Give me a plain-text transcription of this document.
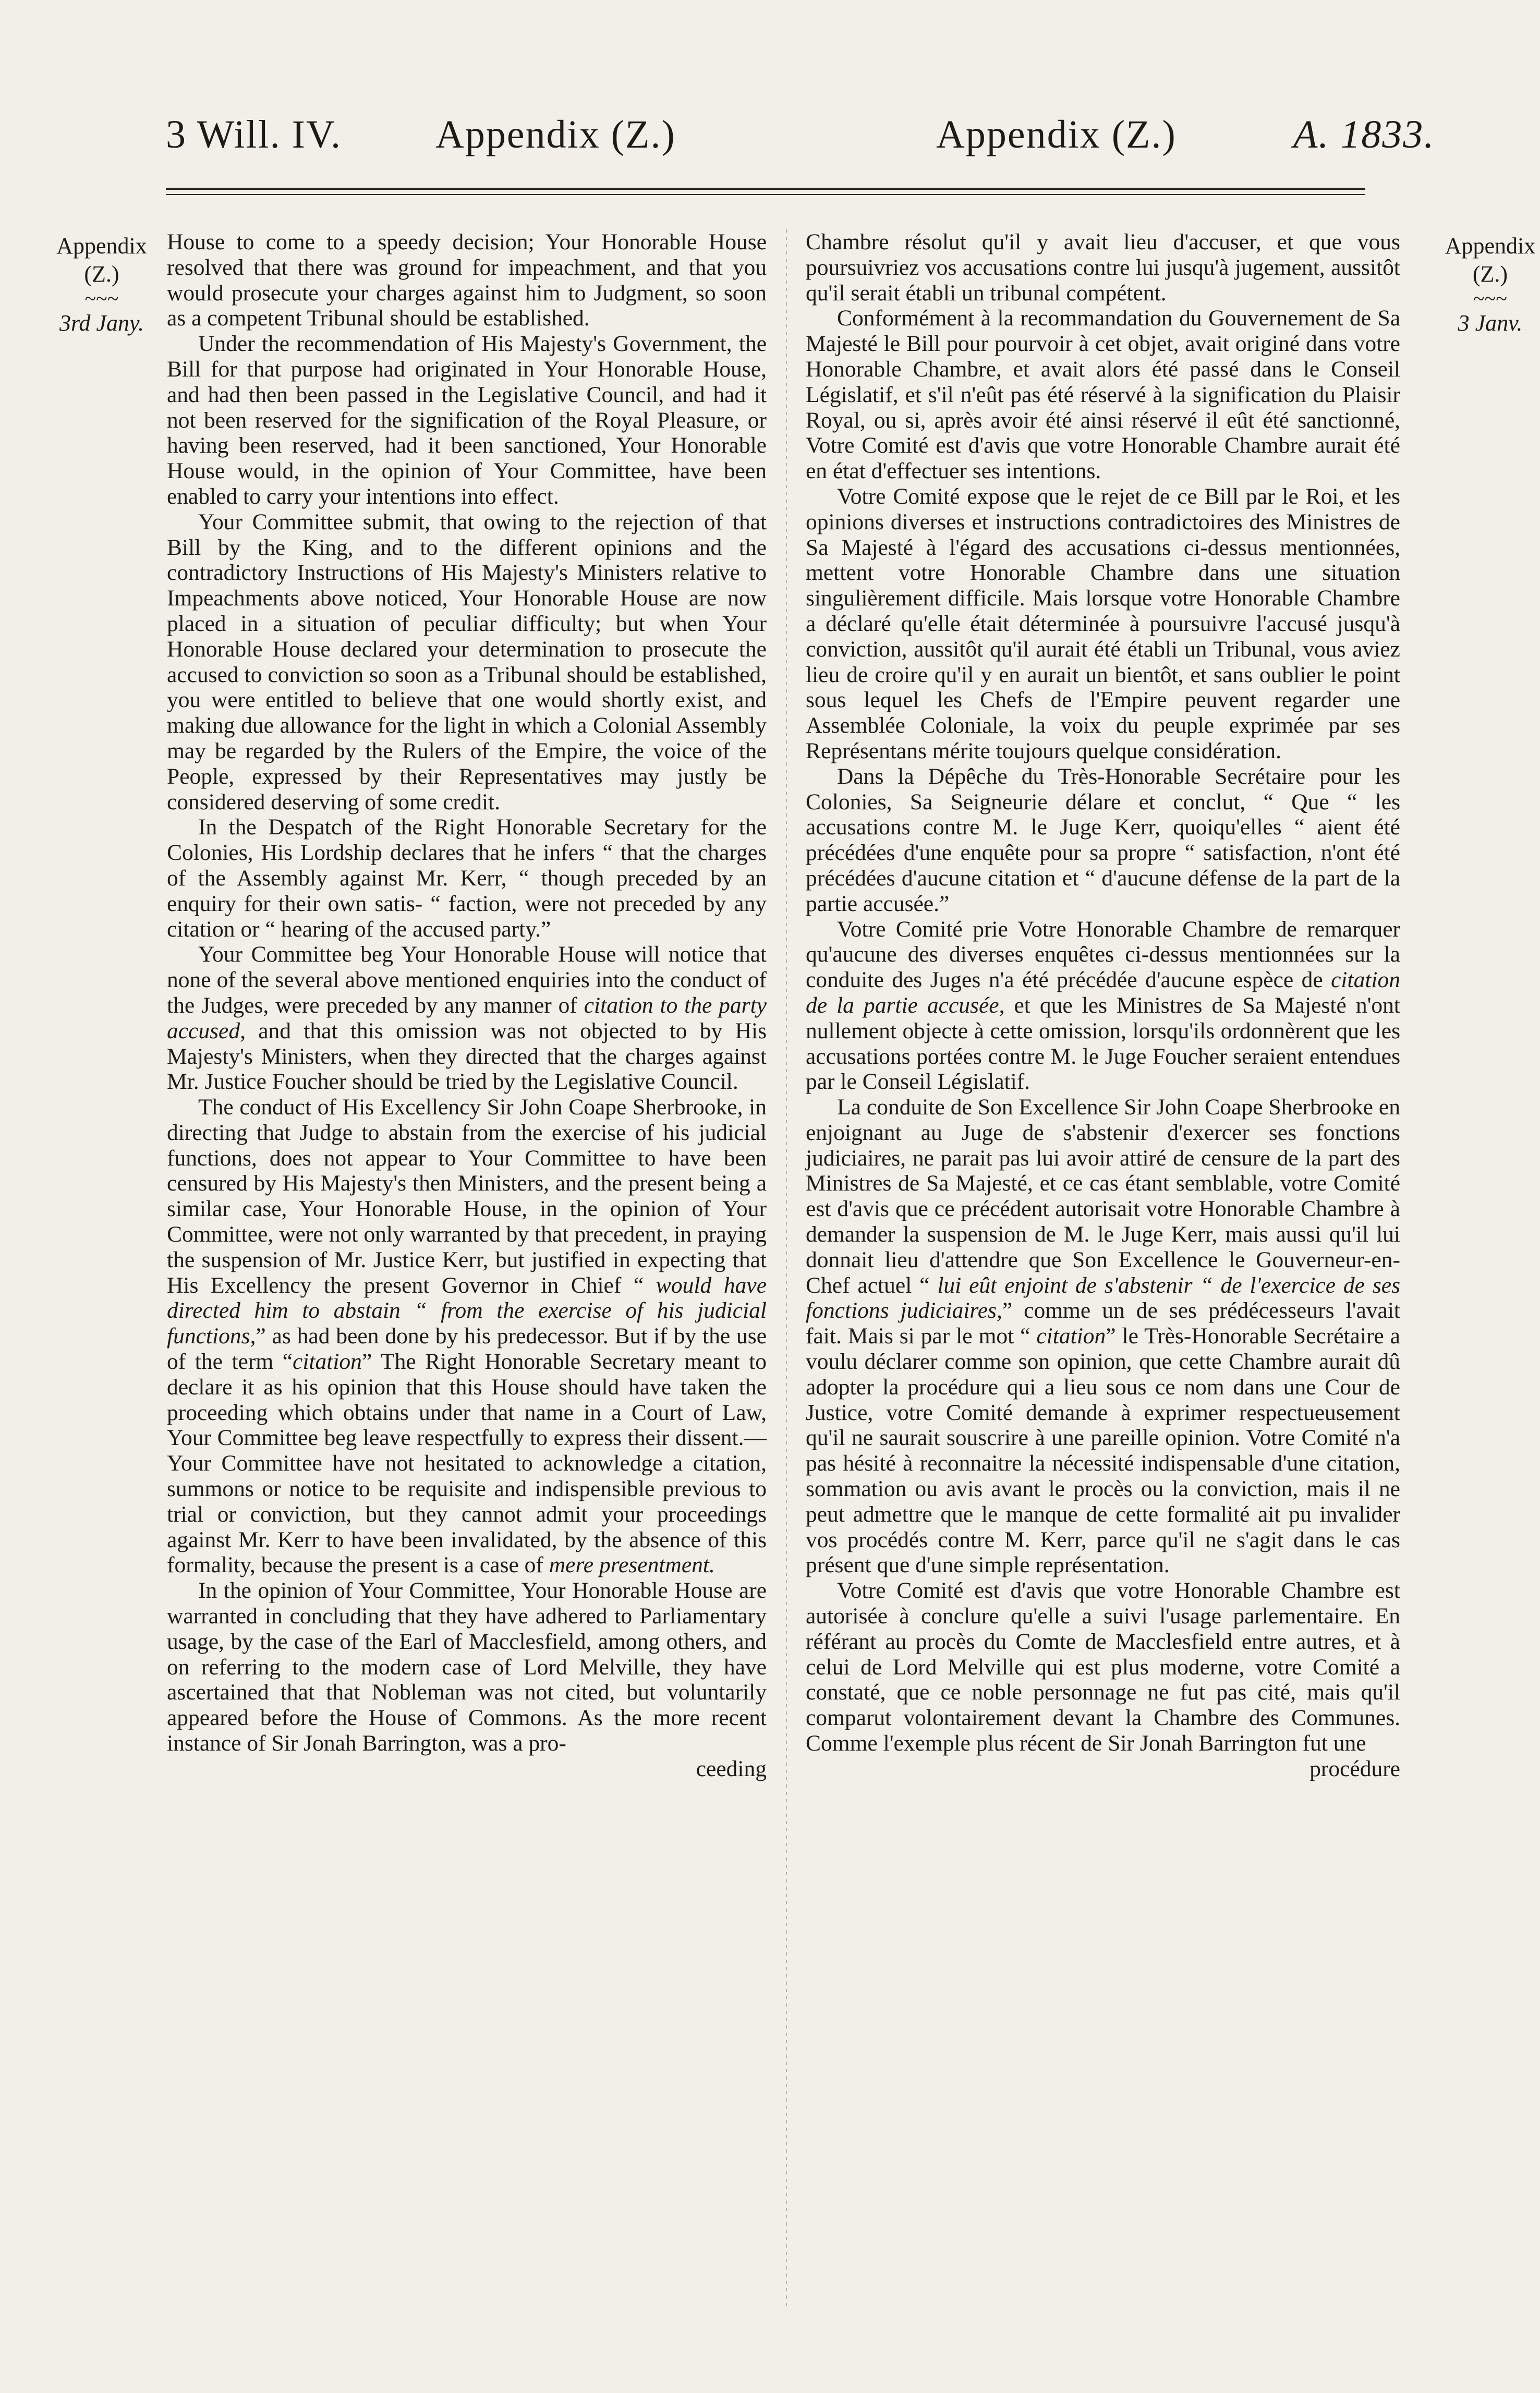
3 Will. IV. Appendix (Z.)	Appendix (Z.)	A. 1833.
Appendix
(Z.)
~~~
3rd Jany.
Appendix
(Z.)
~~~
3 Janv.

House to come to a speedy decision; Your Honorable House resolved that there was ground for impeachment, and that you would prosecute your charges against him to Judgment, so soon as a competent Tribunal should be established.

Under the recommendation of His Majesty's Government, the Bill for that purpose had originated in Your Honorable House, and had then been passed in the Legislative Council, and had it not been reserved for the signification of the Royal Pleasure, or having been reserved, had it been sanctioned, Your Honorable House would, in the opinion of Your Committee, have been enabled to carry your intentions into effect.

Your Committee submit, that owing to the rejection of that Bill by the King, and to the different opinions and the contradictory Instructions of His Majesty's Ministers relative to Impeachments above noticed, Your Honorable House are now placed in a situation of peculiar difficulty; but when Your Honorable House declared your determination to prosecute the accused to conviction so soon as a Tribunal should be established, you were entitled to believe that one would shortly exist, and making due allowance for the light in which a Colonial Assembly may be regarded by the Rulers of the Empire, the voice of the People, expressed by their Representatives may justly be considered deserving of some credit.

In the Despatch of the Right Honorable Secretary for the Colonies, His Lordship declares that he infers “ that the charges of the Assembly against Mr. Kerr, “ though preceded by an enquiry for their own satis- “ faction, were not preceded by any citation or “ hearing of the accused party.”

Your Committee beg Your Honorable House will notice that none of the several above mentioned enquiries into the conduct of the Judges, were preceded by any manner of citation to the party accused, and that this omission was not objected to by His Majesty's Ministers, when they directed that the charges against Mr. Justice Foucher should be tried by the Legislative Council.

The conduct of His Excellency Sir John Coape Sherbrooke, in directing that Judge to abstain from the exercise of his judicial functions, does not appear to Your Committee to have been censured by His Majesty's then Ministers, and the present being a similar case, Your Honorable House, in the opinion of Your Committee, were not only warranted by that precedent, in praying the suspension of Mr. Justice Kerr, but justified in expecting that His Excellency the present Governor in Chief “ would have directed him to abstain “ from the exercise of his judicial functions,” as had been done by his predecessor. But if by the use of the term “citation” The Right Honorable Secretary meant to declare it as his opinion that this House should have taken the proceeding which obtains under that name in a Court of Law, Your Committee beg leave respectfully to express their dissent.—Your Committee have not hesitated to acknowledge a citation, summons or notice to be requisite and indispensible previous to trial or conviction, but they cannot admit your proceedings against Mr. Kerr to have been invalidated, by the absence of this formality, because the present is a case of mere presentment.

In the opinion of Your Committee, Your Honorable House are warranted in concluding that they have adhered to Parliamentary usage, by the case of the Earl of Macclesfield, among others, and on referring to the modern case of Lord Melville, they have ascertained that that Nobleman was not cited, but voluntarily appeared before the House of Commons. As the more recent instance of Sir Jonah Barrington, was a pro-

ceeding

Chambre résolut qu'il y avait lieu d'accuser, et que vous poursuivriez vos accusations contre lui jusqu'à jugement, aussitôt qu'il serait établi un tribunal compétent.

Conformément à la recommandation du Gouvernement de Sa Majesté le Bill pour pourvoir à cet objet, avait originé dans votre Honorable Chambre, et avait alors été passé dans le Conseil Législatif, et s'il n'eût pas été réservé à la signification du Plaisir Royal, ou si, après avoir été ainsi réservé il eût été sanctionné, Votre Comité est d'avis que votre Honorable Chambre aurait été en état d'effectuer ses intentions.

Votre Comité expose que le rejet de ce Bill par le Roi, et les opinions diverses et instructions contradictoires des Ministres de Sa Majesté à l'égard des accusations ci-dessus mentionnées, mettent votre Honorable Chambre dans une situation singulièrement difficile. Mais lorsque votre Honorable Chambre a déclaré qu'elle était déterminée à poursuivre l'accusé jusqu'à conviction, aussitôt qu'il aurait été établi un Tribunal, vous aviez lieu de croire qu'il y en aurait un bientôt, et sans oublier le point sous lequel les Chefs de l'Empire peuvent regarder une Assemblée Coloniale, la voix du peuple exprimée par ses Représentans mérite toujours quelque considération.

Dans la Dépêche du Très-Honorable Secrétaire pour les Colonies, Sa Seigneurie délare et conclut, “ Que “ les accusations contre M. le Juge Kerr, quoiqu'elles “ aient été précédées d'une enquête pour sa propre “ satisfaction, n'ont été précédées d'aucune citation et “ d'aucune défense de la part de la partie accusée.”

Votre Comité prie Votre Honorable Chambre de remarquer qu'aucune des diverses enquêtes ci-dessus mentionnées sur la conduite des Juges n'a été précédée d'aucune espèce de citation de la partie accusée, et que les Ministres de Sa Majesté n'ont nullement objecte à cette omission, lorsqu'ils ordonnèrent que les accusations portées contre M. le Juge Foucher seraient entendues par le Conseil Législatif.

La conduite de Son Excellence Sir John Coape Sherbrooke en enjoignant au Juge de s'abstenir d'exercer ses fonctions judiciaires, ne parait pas lui avoir attiré de censure de la part des Ministres de Sa Majesté, et ce cas étant semblable, votre Comité est d'avis que ce précédent autorisait votre Honorable Chambre à demander la suspension de M. le Juge Kerr, mais aussi qu'il lui donnait lieu d'attendre que Son Excellence le Gouverneur-en-Chef actuel “ lui eût enjoint de s'abstenir “ de l'exercice de ses fonctions judiciaires,” comme un de ses prédécesseurs l'avait fait. Mais si par le mot “ citation” le Très-Honorable Secrétaire a voulu déclarer comme son opinion, que cette Chambre aurait dû adopter la procédure qui a lieu sous ce nom dans une Cour de Justice, votre Comité demande à exprimer respectueusement qu'il ne saurait souscrire à une pareille opinion. Votre Comité n'a pas hésité à reconnaitre la nécessité indispensable d'une citation, sommation ou avis avant le procès ou la conviction, mais il ne peut admettre que le manque de cette formalité ait pu invalider vos procédés contre M. Kerr, parce qu'il ne s'agit dans le cas présent que d'une simple représentation.

Votre Comité est d'avis que votre Honorable Chambre est autorisée à conclure qu'elle a suivi l'usage parlementaire. En référant au procès du Comte de Macclesfield entre autres, et à celui de Lord Melville qui est plus moderne, votre Comité a constaté, que ce noble personnage ne fut pas cité, mais qu'il comparut volontairement devant la Chambre des Communes. Comme l'exemple plus récent de Sir Jonah Barrington fut une

procédure
